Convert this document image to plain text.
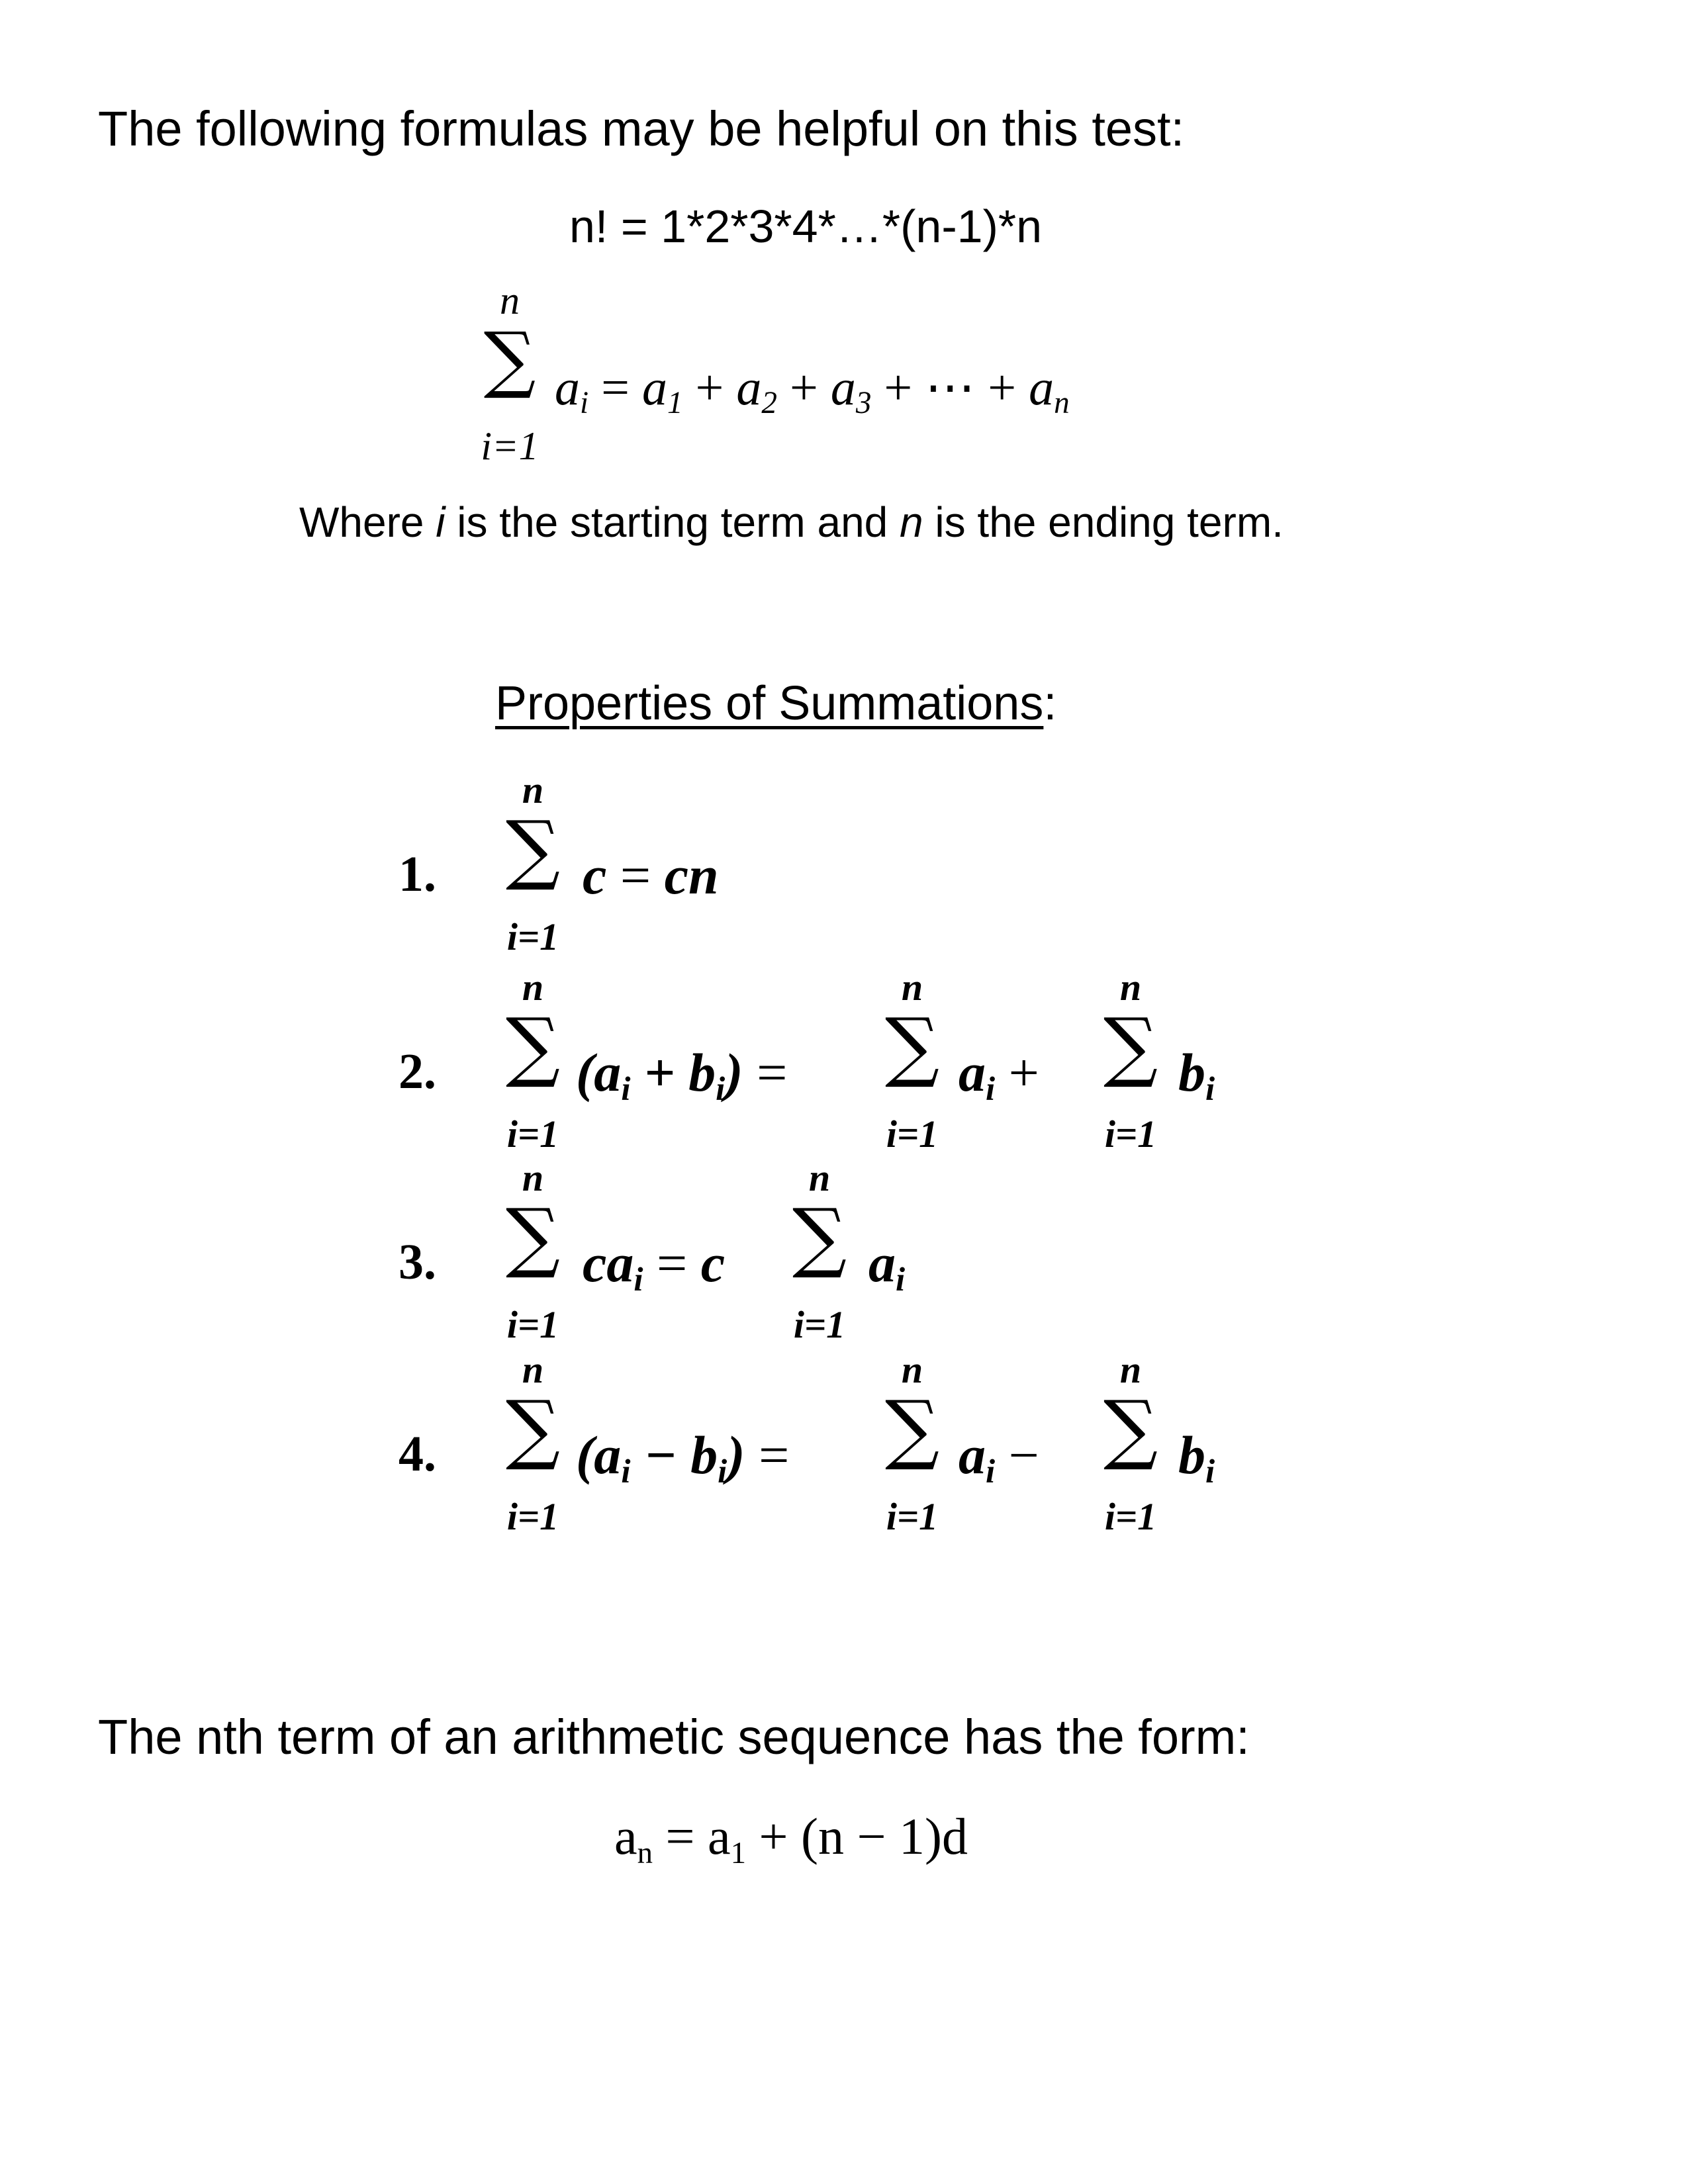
The following formulas may be helpful on this test:
n! = 1*2*3*4*…*(n-1)*n
n
∑
i=1
$a_i = a_1 + a_2 + a_3$ + ⋯ + $a_n$
Where i is the starting term and n is the ending term.
Properties of Summations:
1.
n
∑
i=1
c = cn
2.
n
∑
i=1
$(a_i + b_i)$ =
n
∑
i=1
$a_i$ +
n
∑
i=1
$b_i$
3.
n
∑
i=1
$ca_i = c$
n
∑
i=1
$a_i$
4.
n
∑
i=1
$(a_i - b_i)$ =
n
∑
i=1
$a_i$ −
n
∑
i=1
$b_i$
The nth term of an arithmetic sequence has the form:
$a_n = a_1 + (n - 1)d$
